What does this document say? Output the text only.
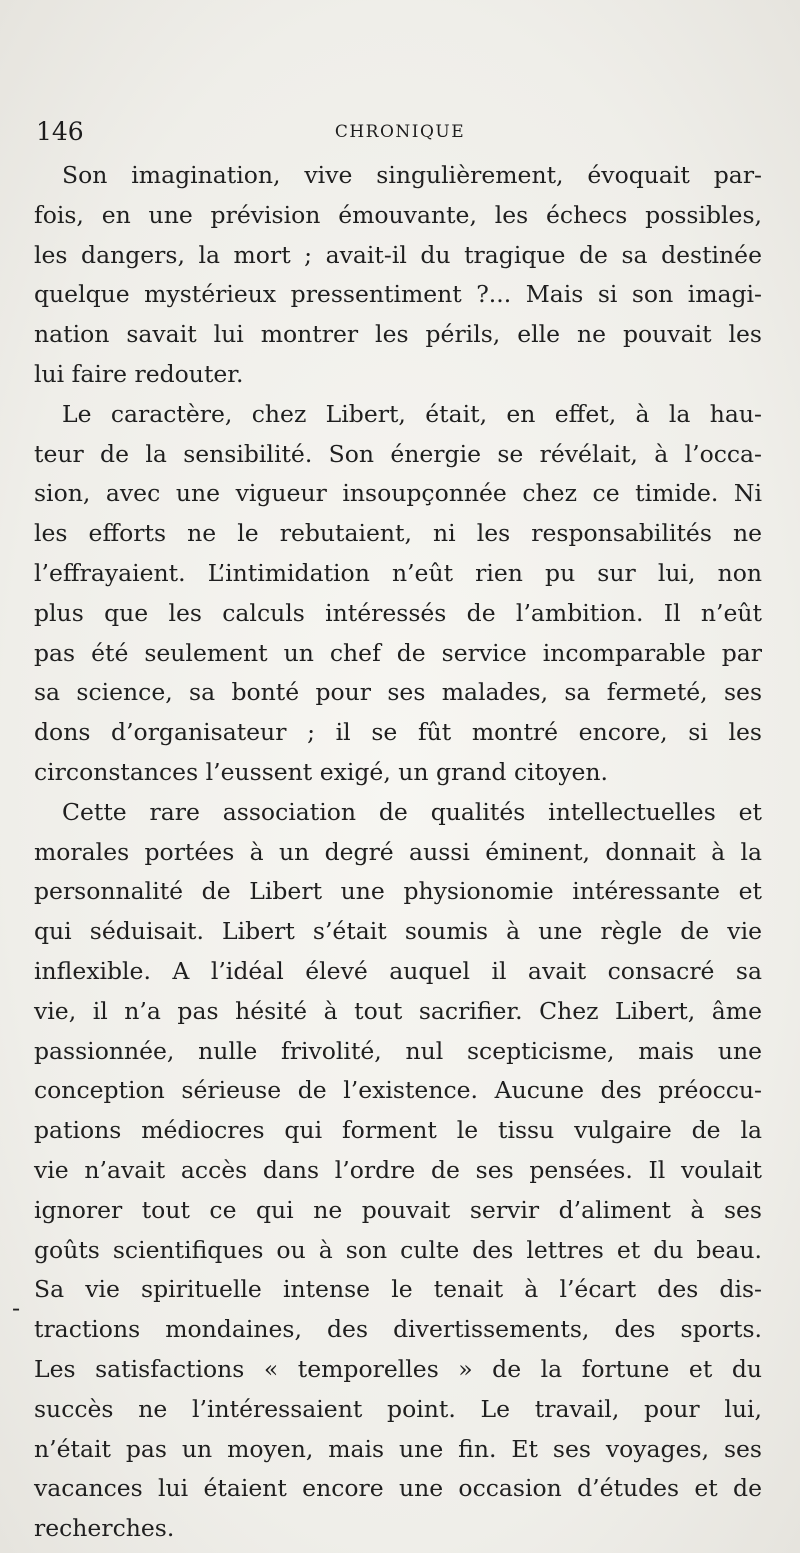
146	CHRONIQUE
-
Son imagination, vive singulièrement, évoquait par-
fois, en une prévision émouvante, les échecs possibles,
les dangers, la mort ; avait-il du tragique de sa destinée
quelque mystérieux pressentiment ?... Mais si son imagi-
nation savait lui montrer les périls, elle ne pouvait les
lui faire redouter.
Le caractère, chez Libert, était, en effet, à la hau-
teur de la sensibilité. Son énergie se révélait, à l’occa-
sion, avec une vigueur insoupçonnée chez ce timide. Ni
les efforts ne le rebutaient, ni les responsabilités ne
l’effrayaient. L’intimidation n’eût rien pu sur lui, non
plus que les calculs intéressés de l’ambition. Il n’eût
pas été seulement un chef de service incomparable par
sa science, sa bonté pour ses malades, sa fermeté, ses
dons d’organisateur ; il se fût montré encore, si les
circonstances l’eussent exigé, un grand citoyen.
Cette rare association de qualités intellectuelles et
morales portées à un degré aussi éminent, donnait à la
personnalité de Libert une physionomie intéressante et
qui séduisait. Libert s’était soumis à une règle de vie
inflexible. A l’idéal élevé auquel il avait consacré sa
vie, il n’a pas hésité à tout sacrifier. Chez Libert, âme
passionnée, nulle frivolité, nul scepticisme, mais une
conception sérieuse de l’existence. Aucune des préoccu-
pations médiocres qui forment le tissu vulgaire de la
vie n’avait accès dans l’ordre de ses pensées. Il voulait
ignorer tout ce qui ne pouvait servir d’aliment à ses
goûts scientifiques ou à son culte des lettres et du beau.
Sa vie spirituelle intense le tenait à l’écart des dis-
tractions mondaines, des divertissements, des sports.
Les satisfactions « temporelles » de la fortune et du
succès ne l’intéressaient point. Le travail, pour lui,
n’était pas un moyen, mais une fin. Et ses voyages, ses
vacances lui étaient encore une occasion d’études et de
recherches.
